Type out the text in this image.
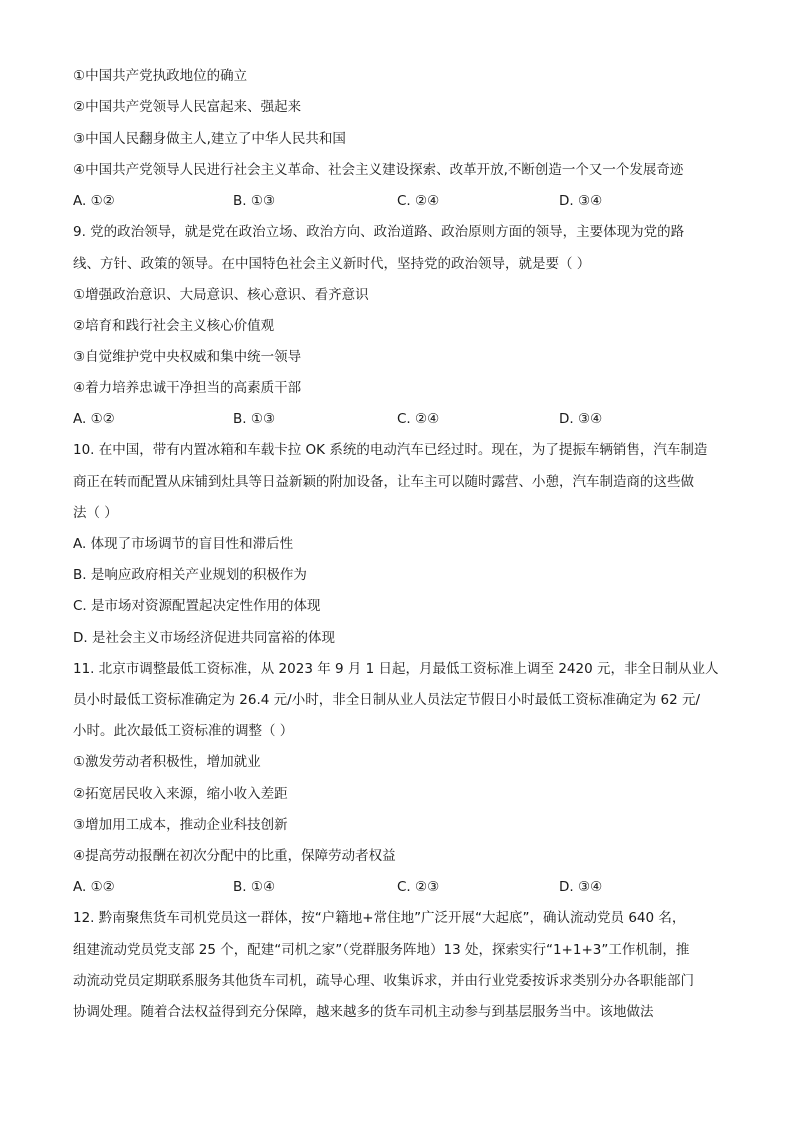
①中国共产党执政地位的确立
②中国共产党领导人民富起来、强起来
③中国人民翻身做主人,建立了中华人民共和国
④中国共产党领导人民进行社会主义革命、社会主义建设探索、改革开放,不断创造一个又一个发展奇迹
A. ①②	B. ①③	C. ②④	D. ③④
9. 党的政治领导，就是党在政治立场、政治方向、政治道路、政治原则方面的领导，主要体现为党的路
线、方针、政策的领导。在中国特色社会主义新时代，坚持党的政治领导，就是要（ ）
①增强政治意识、大局意识、核心意识、看齐意识
②培育和践行社会主义核心价值观
③自觉维护党中央权威和集中统一领导
④着力培养忠诚干净担当的高素质干部
A. ①②	B. ①③	C. ②④	D. ③④
10. 在中国，带有内置冰箱和车载卡拉 OK 系统的电动汽车已经过时。现在，为了提振车辆销售，汽车制造
商正在转而配置从床铺到灶具等日益新颖的附加设备，让车主可以随时露营、小憩，汽车制造商的这些做
法（ ）
A. 体现了市场调节的盲目性和滞后性
B. 是响应政府相关产业规划的积极作为
C. 是市场对资源配置起决定性作用的体现
D. 是社会主义市场经济促进共同富裕的体现
11. 北京市调整最低工资标准，从 2023 年 9 月 1 日起，月最低工资标准上调至 2420 元，非全日制从业人
员小时最低工资标准确定为 26.4 元/小时，非全日制从业人员法定节假日小时最低工资标准确定为 62 元/
小时。此次最低工资标准的调整（ ）
①激发劳动者积极性，增加就业
②拓宽居民收入来源，缩小收入差距
③增加用工成本，推动企业科技创新
④提高劳动报酬在初次分配中的比重，保障劳动者权益
A. ①②	B. ①④	C. ②③	D. ③④
12. 黔南聚焦货车司机党员这一群体，按“户籍地+常住地”广泛开展“大起底”，确认流动党员 640 名，
组建流动党员党支部 25 个，配建“司机之家”（党群服务阵地）13 处，探索实行“1+1+3”工作机制，推
动流动党员定期联系服务其他货车司机，疏导心理、收集诉求，并由行业党委按诉求类别分办各职能部门
协调处理。随着合法权益得到充分保障，越来越多的货车司机主动参与到基层服务当中。该地做法
